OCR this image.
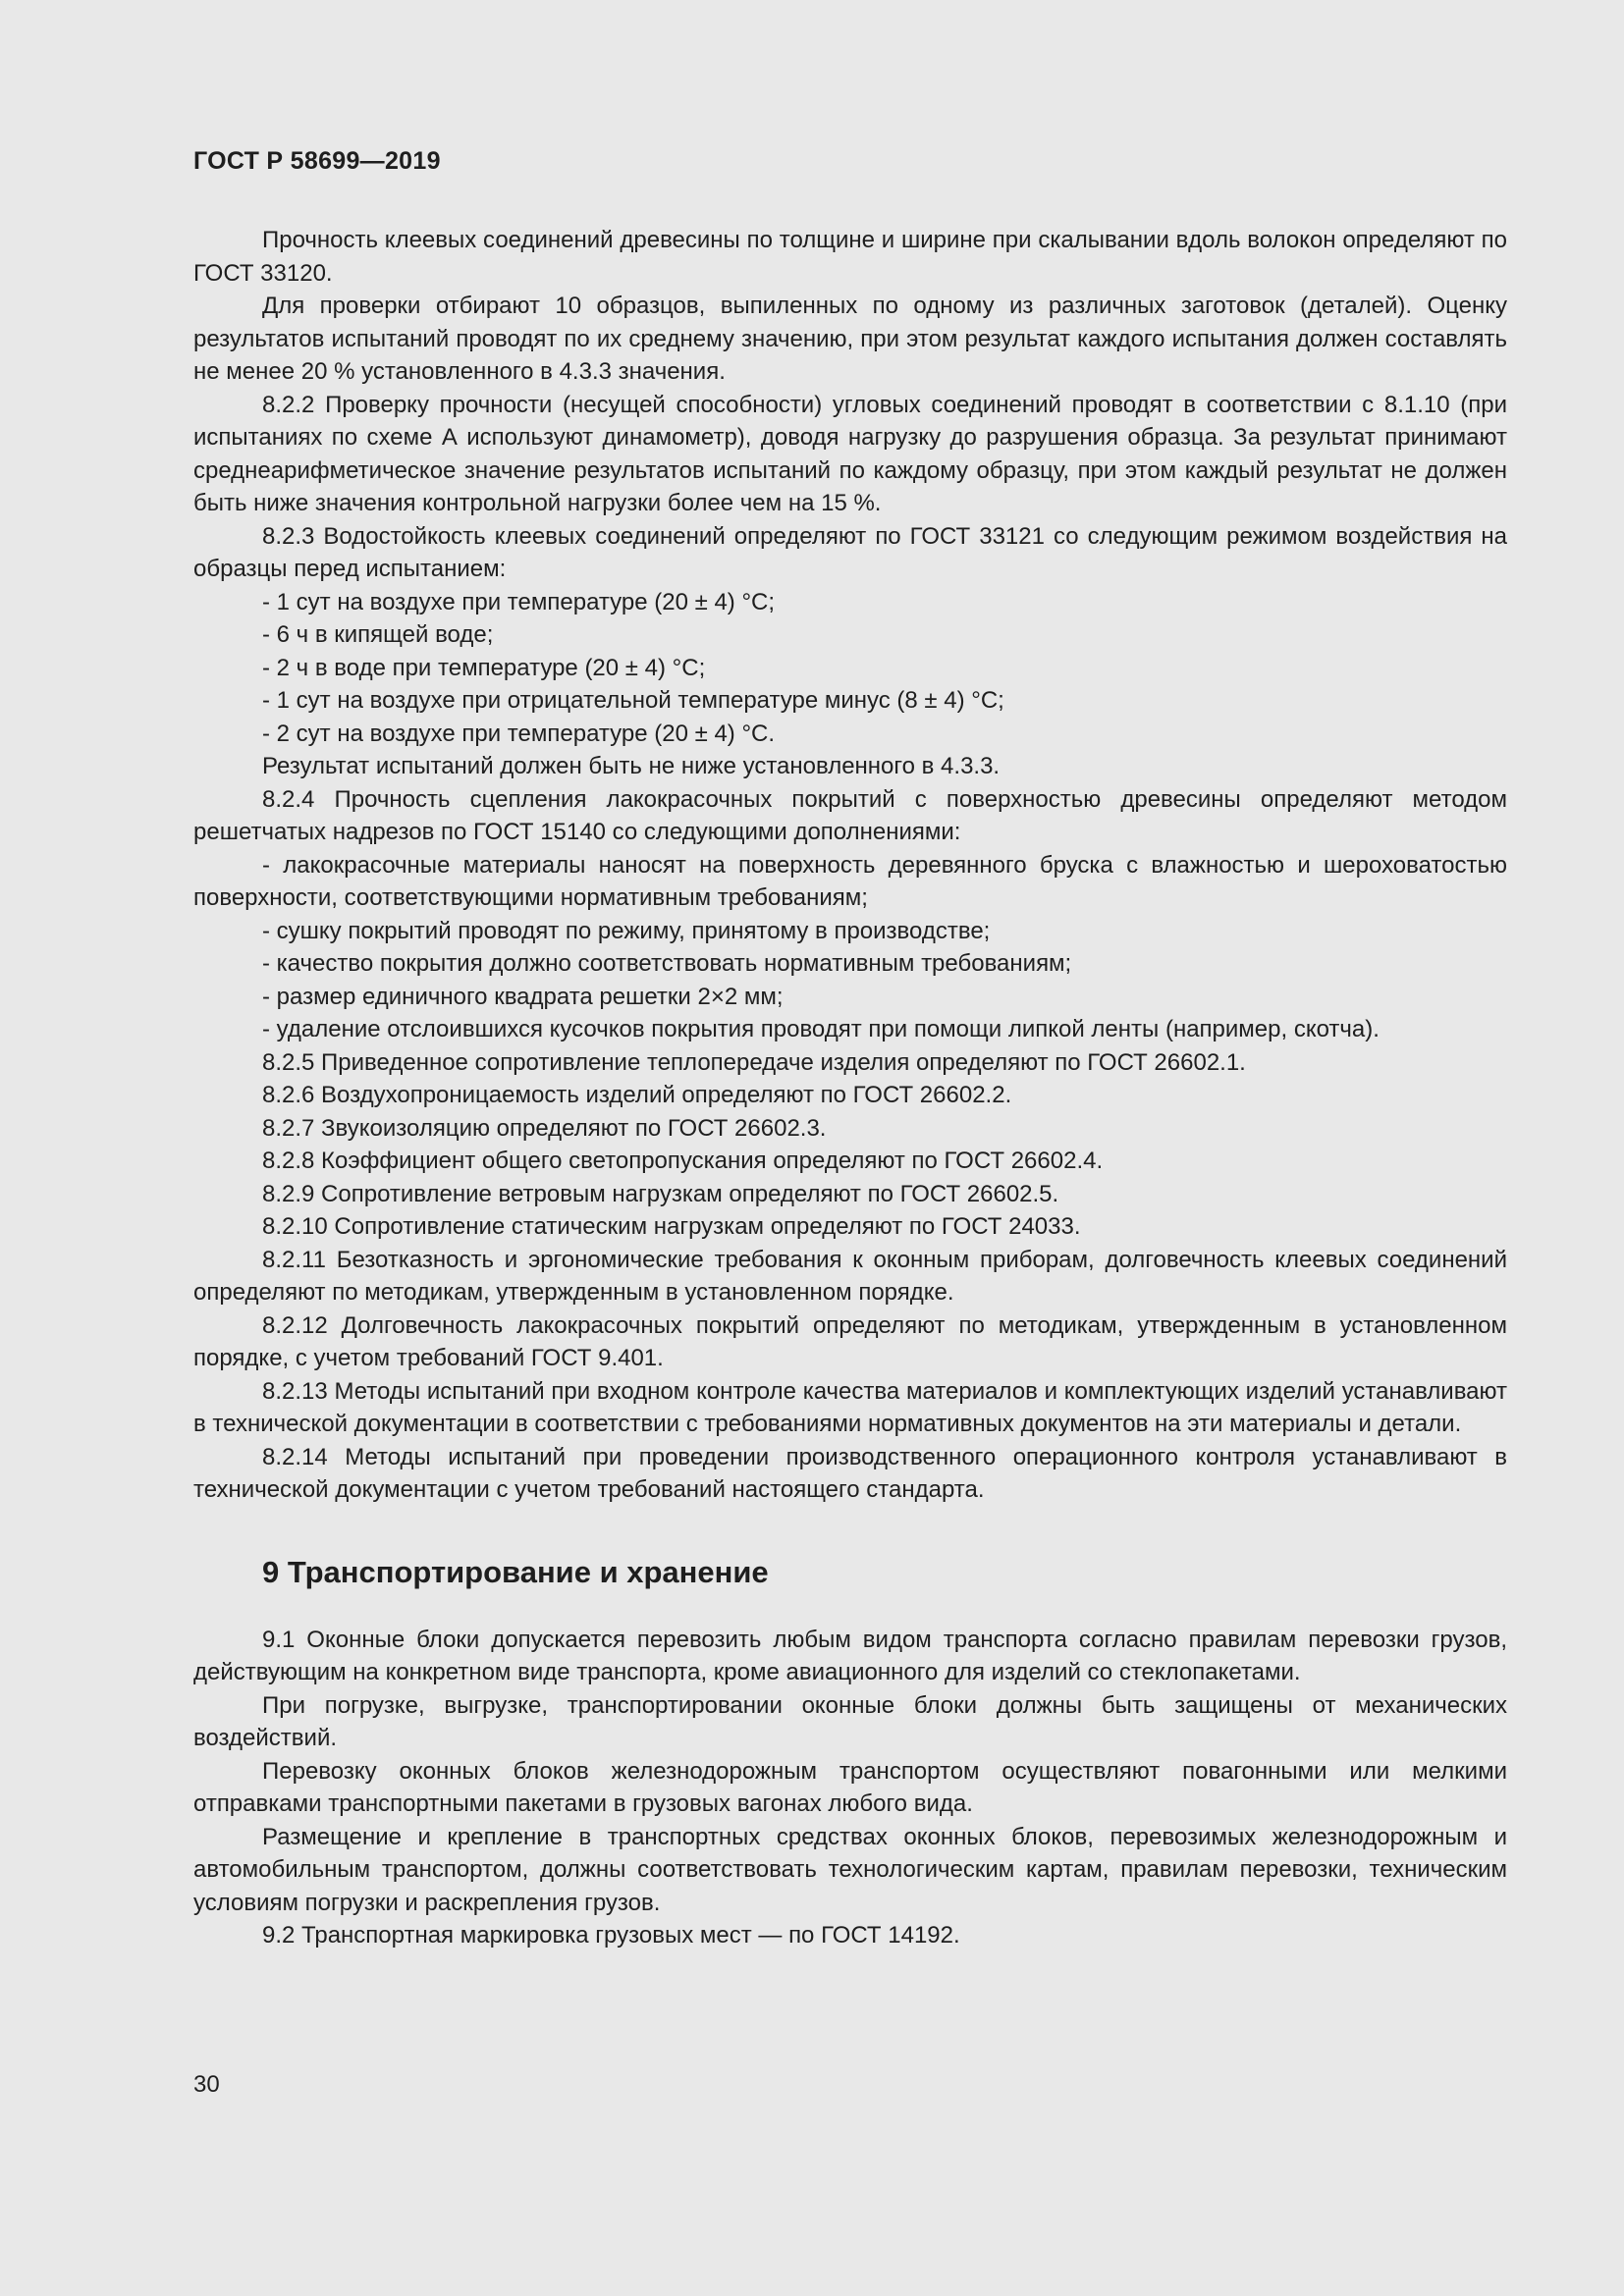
ГОСТ Р 58699—2019

Прочность клеевых соединений древесины по толщине и ширине при скалывании вдоль волокон определяют по ГОСТ 33120.

Для проверки отбирают 10 образцов, выпиленных по одному из различных заготовок (деталей). Оценку результатов испытаний проводят по их среднему значению, при этом результат каждого испытания должен составлять не менее 20 % установленного в 4.3.3 значения.

8.2.2 Проверку прочности (несущей способности) угловых соединений проводят в соответствии с 8.1.10 (при испытаниях по схеме А используют динамометр), доводя нагрузку до разрушения образца. За результат принимают среднеарифметическое значение результатов испытаний по каждому образцу, при этом каждый результат не должен быть ниже значения контрольной нагрузки более чем на 15 %.

8.2.3 Водостойкость клеевых соединений определяют по ГОСТ 33121 со следующим режимом воздействия на образцы перед испытанием:

- 1 сут на воздухе при температуре (20 ± 4) °С;

- 6 ч в кипящей воде;

- 2 ч в воде при температуре (20 ± 4) °С;

- 1 сут на воздухе при отрицательной температуре минус (8 ± 4) °С;

- 2 сут на воздухе при температуре (20 ± 4) °С.

Результат испытаний должен быть не ниже установленного в 4.3.3.

8.2.4 Прочность сцепления лакокрасочных покрытий с поверхностью древесины определяют методом решетчатых надрезов по ГОСТ 15140 со следующими дополнениями:

- лакокрасочные материалы наносят на поверхность деревянного бруска с влажностью и шероховатостью поверхности, соответствующими нормативным требованиям;

- сушку покрытий проводят по режиму, принятому в производстве;

- качество покрытия должно соответствовать нормативным требованиям;

- размер единичного квадрата решетки 2×2 мм;

- удаление отслоившихся кусочков покрытия проводят при помощи липкой ленты (например, скотча).

8.2.5 Приведенное сопротивление теплопередаче изделия определяют по ГОСТ 26602.1.

8.2.6 Воздухопроницаемость изделий определяют по ГОСТ 26602.2.

8.2.7 Звукоизоляцию определяют по ГОСТ 26602.3.

8.2.8 Коэффициент общего светопропускания определяют по ГОСТ 26602.4.

8.2.9 Сопротивление ветровым нагрузкам определяют по ГОСТ 26602.5.

8.2.10 Сопротивление статическим нагрузкам определяют по ГОСТ 24033.

8.2.11 Безотказность и эргономические требования к оконным приборам, долговечность клеевых соединений определяют по методикам, утвержденным в установленном порядке.

8.2.12 Долговечность лакокрасочных покрытий определяют по методикам, утвержденным в установленном порядке, с учетом требований ГОСТ 9.401.

8.2.13 Методы испытаний при входном контроле качества материалов и комплектующих изделий устанавливают в технической документации в соответствии с требованиями нормативных документов на эти материалы и детали.

8.2.14 Методы испытаний при проведении производственного операционного контроля устанавливают в технической документации с учетом требований настоящего стандарта.

9 Транспортирование и хранение

9.1 Оконные блоки допускается перевозить любым видом транспорта согласно правилам перевозки грузов, действующим на конкретном виде транспорта, кроме авиационного для изделий со стеклопакетами.

При погрузке, выгрузке, транспортировании оконные блоки должны быть защищены от механических воздействий.

Перевозку оконных блоков железнодорожным транспортом осуществляют повагонными или мелкими отправками транспортными пакетами в грузовых вагонах любого вида.

Размещение и крепление в транспортных средствах оконных блоков, перевозимых железнодорожным и автомобильным транспортом, должны соответствовать технологическим картам, правилам перевозки, техническим условиям погрузки и раскрепления грузов.

9.2 Транспортная маркировка грузовых мест — по ГОСТ 14192.

30
